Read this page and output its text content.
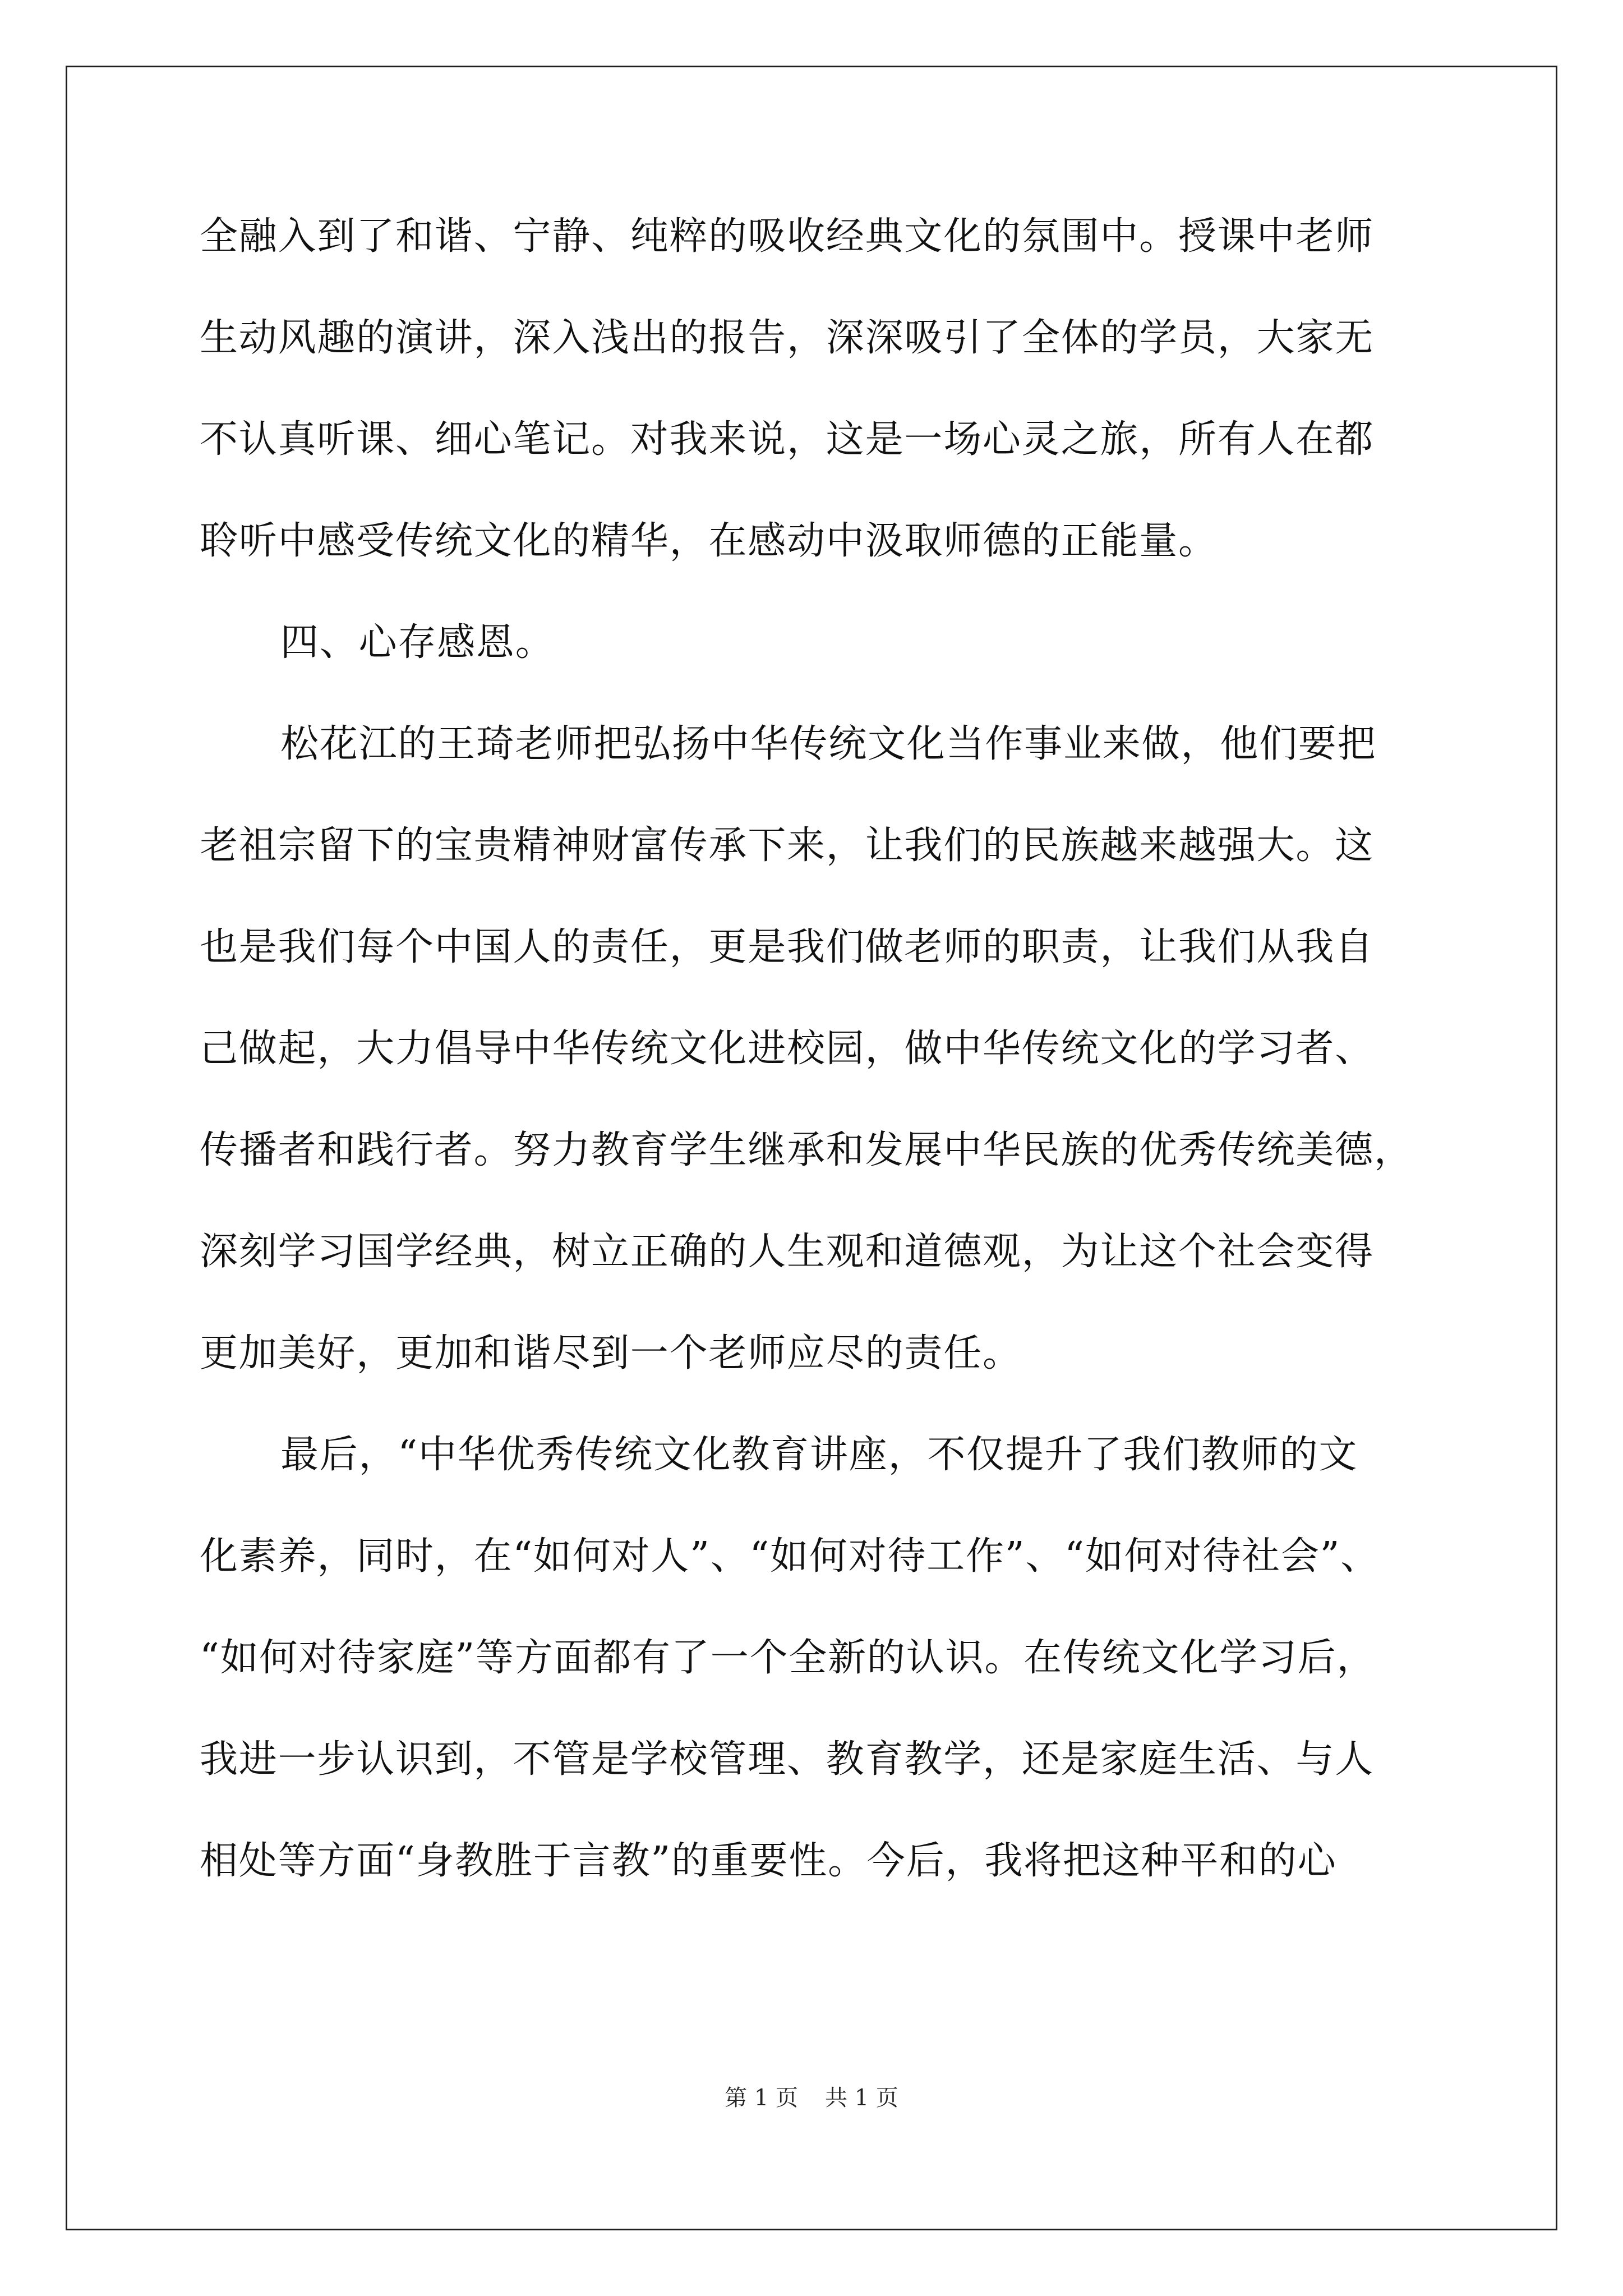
全融入到了和谐、宁静、纯粹的吸收经典文化的氛围中。授课中老师
生动风趣的演讲，深入浅出的报告，深深吸引了全体的学员，大家无
不认真听课、细心笔记。对我来说，这是一场心灵之旅，所有人在都
聆听中感受传统文化的精华，在感动中汲取师德的正能量。
四、心存感恩。
松花江的王琦老师把弘扬中华传统文化当作事业来做，他们要把
老祖宗留下的宝贵精神财富传承下来，让我们的民族越来越强大。这
也是我们每个中国人的责任，更是我们做老师的职责，让我们从我自
己做起，大力倡导中华传统文化进校园，做中华传统文化的学习者、
传播者和践行者。努力教育学生继承和发展中华民族的优秀传统美德，
深刻学习国学经典，树立正确的人生观和道德观，为让这个社会变得
更加美好，更加和谐尽到一个老师应尽的责任。
最后，“中华优秀传统文化教育讲座，不仅提升了我们教师的文
化素养，同时，在“如何对人”、“如何对待工作”、“如何对待社会”、
“如何对待家庭”等方面都有了一个全新的认识。在传统文化学习后，
我进一步认识到，不管是学校管理、教育教学，还是家庭生活、与人
相处等方面“身教胜于言教”的重要性。今后，我将把这种平和的心
第 1 页 共 1 页
